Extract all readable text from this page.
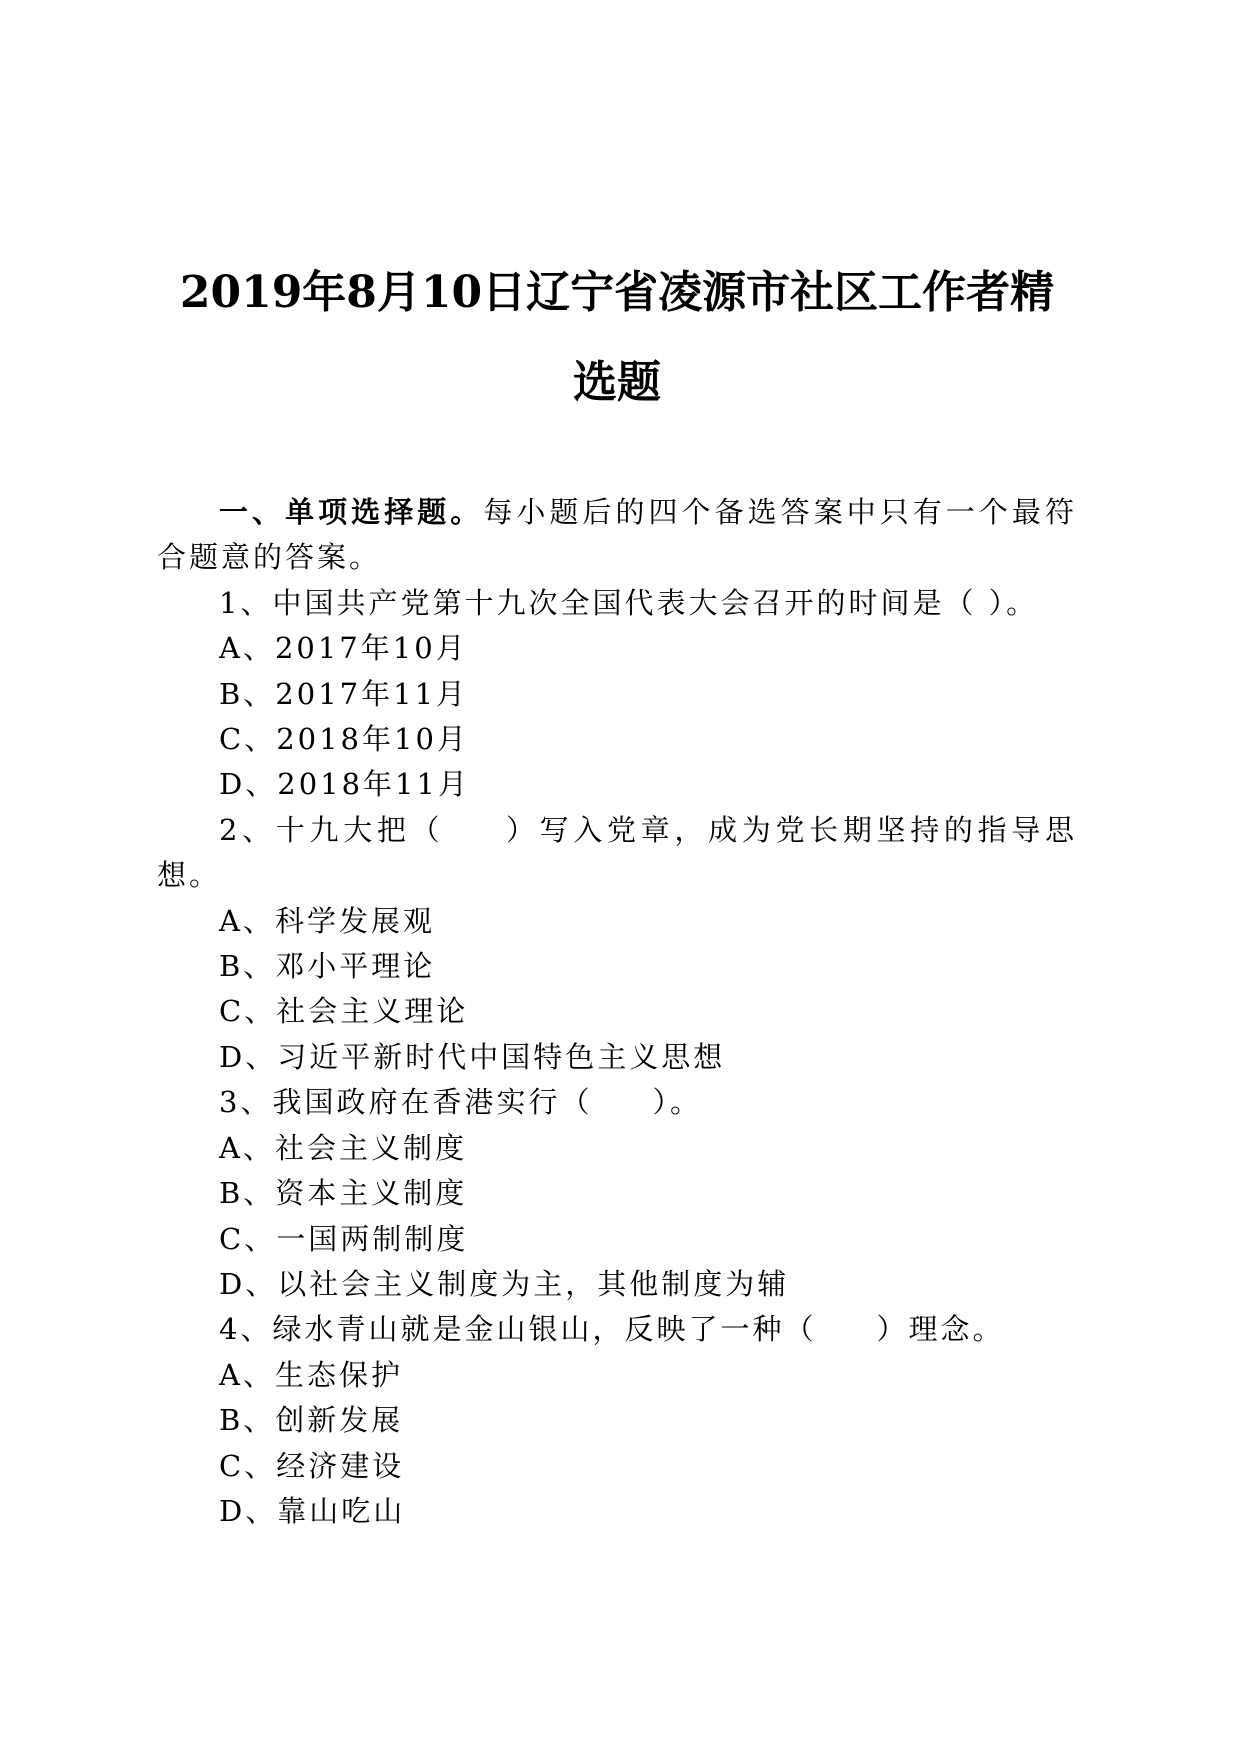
2019年8月10日辽宁省凌源市社区工作者精
选题

一、单项选择题。每小题后的四个备选答案中只有一个最符合题意的答案。

1、中国共产党第十九次全国代表大会召开的时间是（ ）。

A、2017年10月

B、2017年11月

C、2018年10月

D、2018年11月

2、十九大把（ ）写入党章，成为党长期坚持的指导思想。

A、科学发展观

B、邓小平理论

C、社会主义理论

D、习近平新时代中国特色主义思想

3、我国政府在香港实行（ ）。

A、社会主义制度

B、资本主义制度

C、一国两制制度

D、以社会主义制度为主，其他制度为辅

4、绿水青山就是金山银山，反映了一种（ ）理念。

A、生态保护

B、创新发展

C、经济建设

D、靠山吃山
